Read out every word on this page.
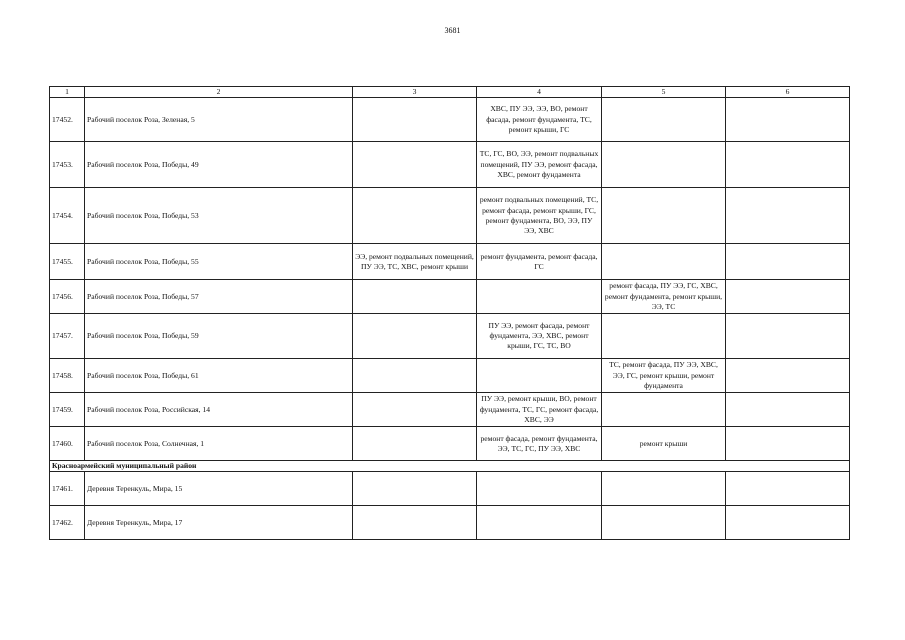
3681
1	2	3	4	5	6
17452.	Рабочий поселок Роза, Зеленая, 5		ХВС, ПУ ЭЭ, ЭЭ, ВО, ремонт фасада, ремонт фундамента, ТС, ремонт крыши, ГС		
17453.	Рабочий поселок Роза, Победы, 49		ТС, ГС, ВО, ЭЭ, ремонт подвальных помещений, ПУ ЭЭ, ремонт фасада, ХВС, ремонт фундамента		
17454.	Рабочий поселок Роза, Победы, 53		ремонт подвальных помещений, ТС, ремонт фасада, ремонт крыши, ГС, ремонт фундамента, ВО, ЭЭ, ПУ ЭЭ, ХВС		
17455.	Рабочий поселок Роза, Победы, 55	ЭЭ, ремонт подвальных помещений, ПУ ЭЭ, ТС, ХВС, ремонт крыши	ремонт фундамента, ремонт фасада, ГС		
17456.	Рабочий поселок Роза, Победы, 57			ремонт фасада, ПУ ЭЭ, ГС, ХВС, ремонт фундамента, ремонт крыши, ЭЭ, ТС	
17457.	Рабочий поселок Роза, Победы, 59		ПУ ЭЭ, ремонт фасада, ремонт фундамента, ЭЭ, ХВС, ремонт крыши, ГС, ТС, ВО		
17458.	Рабочий поселок Роза, Победы, 61			ТС, ремонт фасада, ПУ ЭЭ, ХВС, ЭЭ, ГС, ремонт крыши, ремонт фундамента	
17459.	Рабочий поселок Роза, Российская, 14		ПУ ЭЭ, ремонт крыши, ВО, ремонт фундамента, ТС, ГС, ремонт фасада, ХВС, ЭЭ		
17460.	Рабочий поселок Роза, Солнечная, 1		ремонт фасада, ремонт фундамента, ЭЭ, ТС, ГС, ПУ ЭЭ, ХВС	ремонт крыши	
Красноармейский муниципальный район					
17461.	Деревня Теренкуль, Мира, 15				
17462.	Деревня Теренкуль, Мира, 17				
